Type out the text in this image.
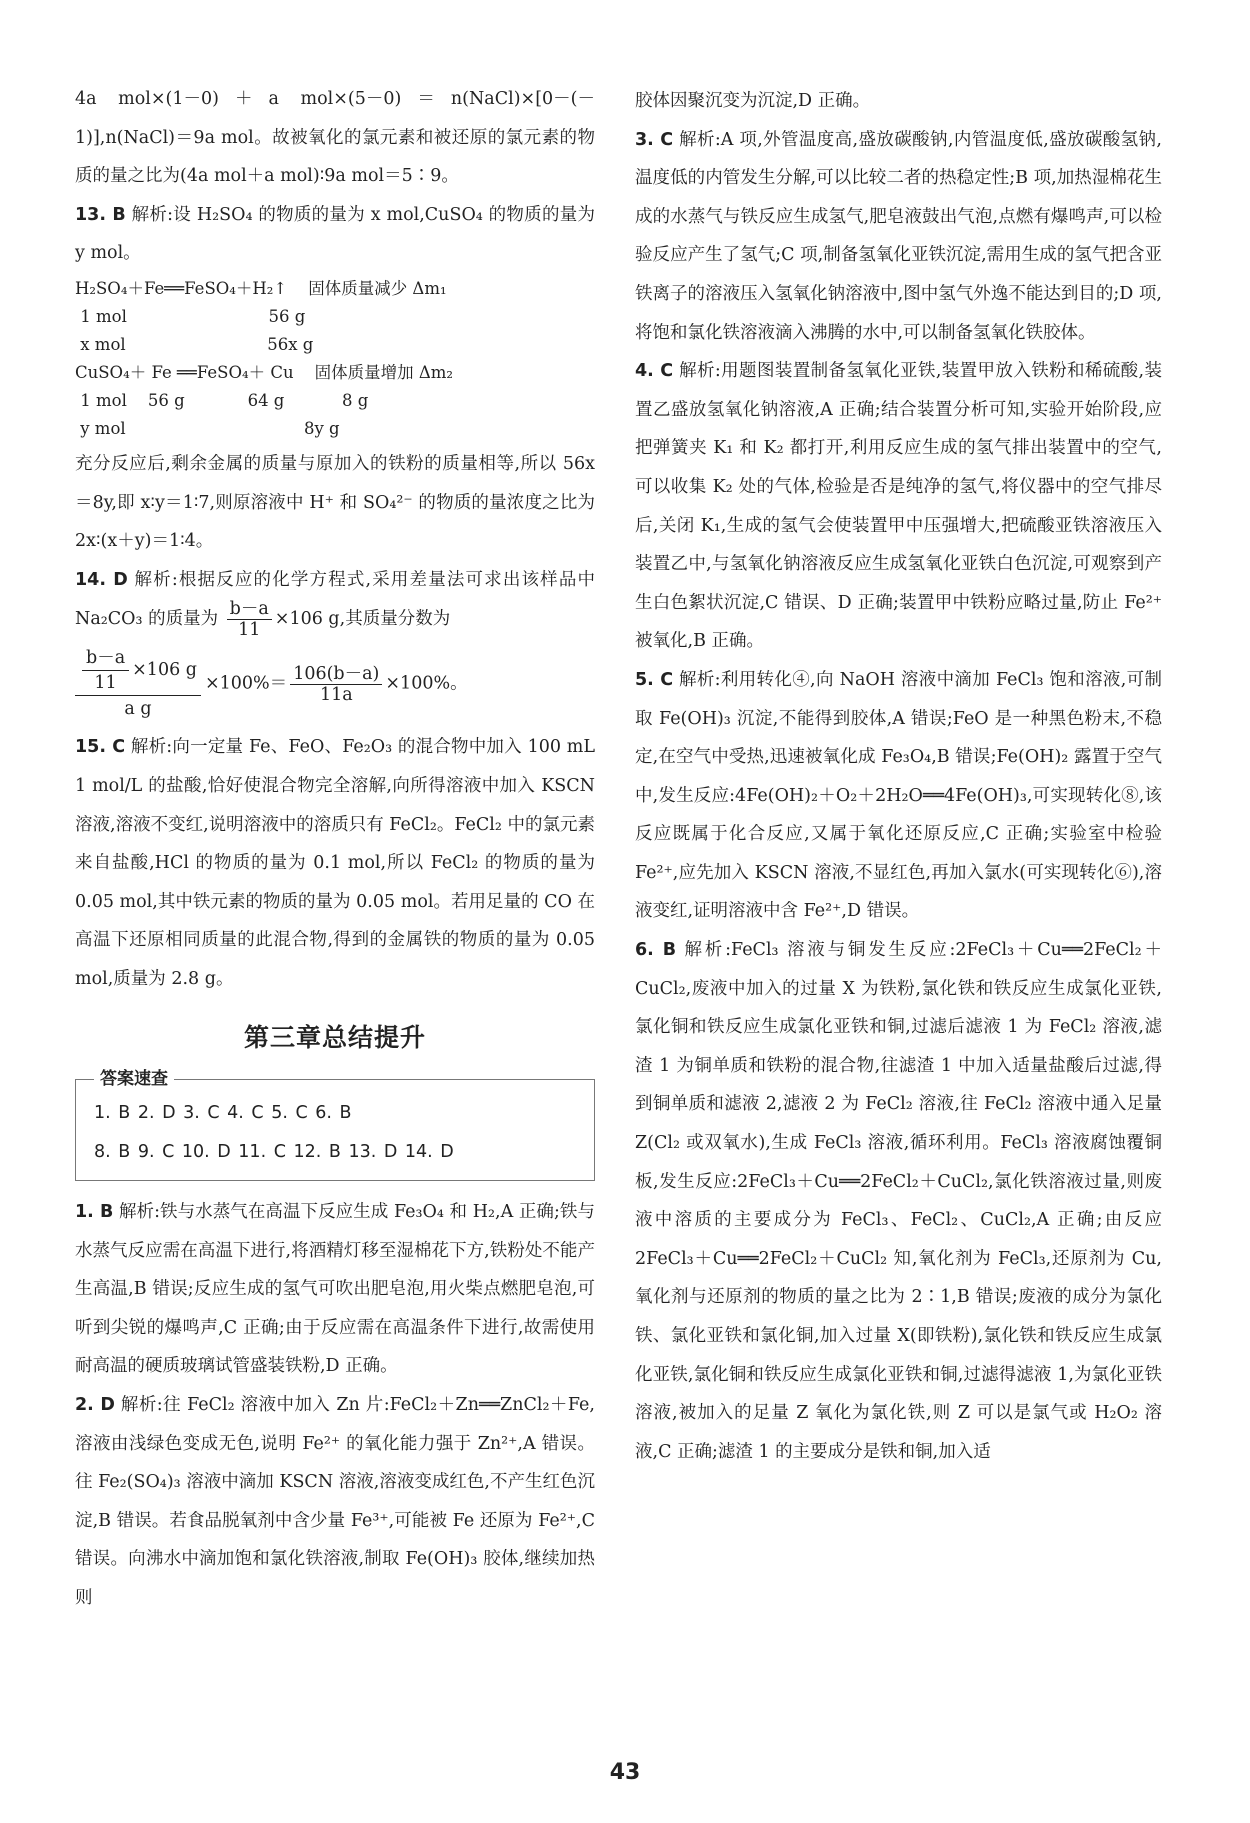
4a mol×(1－0)＋a mol×(5－0)＝n(NaCl)×[0－(－1)],n(NaCl)＝9a mol。故被氧化的氯元素和被还原的氯元素的物质的量之比为(4a mol＋a mol)∶9a mol＝5∶9。

13. B 解析:设 H₂SO₄ 的物质的量为 x mol,CuSO₄ 的物质的量为 y mol。

H₂SO₄＋Fe══FeSO₄＋H₂↑    固体质量减少 Δm₁
1 mol                           56 g
x mol                           56x g
CuSO₄＋ Fe ══FeSO₄＋ Cu    固体质量增加 Δm₂
1 mol    56 g            64 g           8 g
y mol                                  8y g

充分反应后,剩余金属的质量与原加入的铁粉的质量相等,所以 56x＝8y,即 x∶y＝1∶7,则原溶液中 H⁺ 和 SO₄²⁻ 的物质的量浓度之比为 2x∶(x＋y)＝1∶4。

14. D 解析:根据反应的化学方程式,采用差量法可求出该样品中 Na₂CO₃ 的质量为 $\frac{b-a}{11} \times 106$ g,其质量分数为

$\frac{\frac{b-a}{11} \times 106 g}{\text{a g}} \times 100\%= \frac{106(b-a)}{11a} \times 100\%$。

15. C 解析:向一定量 Fe、FeO、Fe₂O₃ 的混合物中加入 100 mL 1 mol/L 的盐酸,恰好使混合物完全溶解,向所得溶液中加入 KSCN 溶液,溶液不变红,说明溶液中的溶质只有 FeCl₂。FeCl₂ 中的氯元素来自盐酸,HCl 的物质的量为 0.1 mol,所以 FeCl₂ 的物质的量为 0.05 mol,其中铁元素的物质的量为 0.05 mol。若用足量的 CO 在高温下还原相同质量的此混合物,得到的金属铁的物质的量为 0.05 mol,质量为 2.8 g。

第三章总结提升
答案速查
1. B 2. D 3. C 4. C 5. C 6. B
8. B 9. C 10. D 11. C 12. B 13. D 14. D

1. B 解析:铁与水蒸气在高温下反应生成 Fe₃O₄ 和 H₂,A 正确;铁与水蒸气反应需在高温下进行,将酒精灯移至湿棉花下方,铁粉处不能产生高温,B 错误;反应生成的氢气可吹出肥皂泡,用火柴点燃肥皂泡,可听到尖锐的爆鸣声,C 正确;由于反应需在高温条件下进行,故需使用耐高温的硬质玻璃试管盛装铁粉,D 正确。

2. D 解析:往 FeCl₂ 溶液中加入 Zn 片:FeCl₂＋Zn══ZnCl₂＋Fe,溶液由浅绿色变成无色,说明 Fe²⁺ 的氧化能力强于 Zn²⁺,A 错误。往 Fe₂(SO₄)₃ 溶液中滴加 KSCN 溶液,溶液变成红色,不产生红色沉淀,B 错误。若食品脱氧剂中含少量 Fe³⁺,可能被 Fe 还原为 Fe²⁺,C 错误。向沸水中滴加饱和氯化铁溶液,制取 Fe(OH)₃ 胶体,继续加热则

胶体因聚沉变为沉淀,D 正确。

3. C 解析:A 项,外管温度高,盛放碳酸钠,内管温度低,盛放碳酸氢钠,温度低的内管发生分解,可以比较二者的热稳定性;B 项,加热湿棉花生成的水蒸气与铁反应生成氢气,肥皂液鼓出气泡,点燃有爆鸣声,可以检验反应产生了氢气;C 项,制备氢氧化亚铁沉淀,需用生成的氢气把含亚铁离子的溶液压入氢氧化钠溶液中,图中氢气外逸不能达到目的;D 项,将饱和氯化铁溶液滴入沸腾的水中,可以制备氢氧化铁胶体。

4. C 解析:用题图装置制备氢氧化亚铁,装置甲放入铁粉和稀硫酸,装置乙盛放氢氧化钠溶液,A 正确;结合装置分析可知,实验开始阶段,应把弹簧夹 K₁ 和 K₂ 都打开,利用反应生成的氢气排出装置中的空气,可以收集 K₂ 处的气体,检验是否是纯净的氢气,将仪器中的空气排尽后,关闭 K₁,生成的氢气会使装置甲中压强增大,把硫酸亚铁溶液压入装置乙中,与氢氧化钠溶液反应生成氢氧化亚铁白色沉淀,可观察到产生白色絮状沉淀,C 错误、D 正确;装置甲中铁粉应略过量,防止 Fe²⁺ 被氧化,B 正确。

5. C 解析:利用转化④,向 NaOH 溶液中滴加 FeCl₃ 饱和溶液,可制取 Fe(OH)₃ 沉淀,不能得到胶体,A 错误;FeO 是一种黑色粉末,不稳定,在空气中受热,迅速被氧化成 Fe₃O₄,B 错误;Fe(OH)₂ 露置于空气中,发生反应:4Fe(OH)₂＋O₂＋2H₂O══4Fe(OH)₃,可实现转化⑧,该反应既属于化合反应,又属于氧化还原反应,C 正确;实验室中检验 Fe²⁺,应先加入 KSCN 溶液,不显红色,再加入氯水(可实现转化⑥),溶液变红,证明溶液中含 Fe²⁺,D 错误。

6. B 解析:FeCl₃ 溶液与铜发生反应:2FeCl₃＋Cu══2FeCl₂＋CuCl₂,废液中加入的过量 X 为铁粉,氯化铁和铁反应生成氯化亚铁,氯化铜和铁反应生成氯化亚铁和铜,过滤后滤液 1 为 FeCl₂ 溶液,滤渣 1 为铜单质和铁粉的混合物,往滤渣 1 中加入适量盐酸后过滤,得到铜单质和滤液 2,滤液 2 为 FeCl₂ 溶液,往 FeCl₂ 溶液中通入足量 Z(Cl₂ 或双氧水),生成 FeCl₃ 溶液,循环利用。FeCl₃ 溶液腐蚀覆铜板,发生反应:2FeCl₃＋Cu══2FeCl₂＋CuCl₂,氯化铁溶液过量,则废液中溶质的主要成分为 FeCl₃、FeCl₂、CuCl₂,A 正确;由反应 2FeCl₃＋Cu══2FeCl₂＋CuCl₂ 知,氧化剂为 FeCl₃,还原剂为 Cu,氧化剂与还原剂的物质的量之比为 2∶1,B 错误;废液的成分为氯化铁、氯化亚铁和氯化铜,加入过量 X(即铁粉),氯化铁和铁反应生成氯化亚铁,氯化铜和铁反应生成氯化亚铁和铜,过滤得滤液 1,为氯化亚铁溶液,被加入的足量 Z 氧化为氯化铁,则 Z 可以是氯气或 H₂O₂ 溶液,C 正确;滤渣 1 的主要成分是铁和铜,加入适

43
